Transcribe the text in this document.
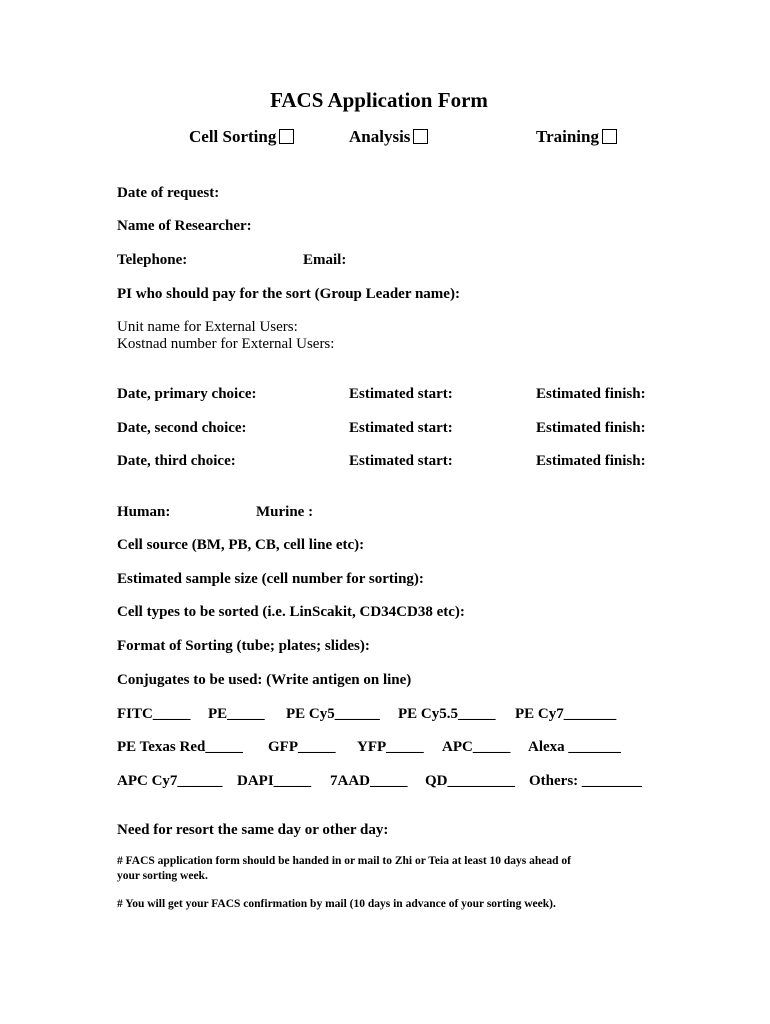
FACS Application Form
Cell Sorting	Analysis	Training
Date of request:
Name of Researcher:
Telephone:	Email:
PI who should pay for the sort (Group Leader name):
Unit name for External Users:
Kostnad number for External Users:
Date, primary choice:	Estimated start:	Estimated finish:
Date, second choice:	Estimated start:	Estimated finish:
Date, third choice:	Estimated start:	Estimated finish:
Human:	Murine :
Cell source (BM, PB, CB, cell line etc):
Estimated sample size (cell number for sorting):
Cell types to be sorted (i.e. LinScakit, CD34CD38 etc):
Format of Sorting (tube; plates; slides):
Conjugates to be used: (Write antigen on line)
FITC_____ PE_____ PE Cy5______ PE Cy5.5_____ PE Cy7_______
PE Texas Red_____ GFP_____ YFP_____ APC_____ Alexa _______
APC Cy7______ DAPI_____ 7AAD_____ QD_________ Others: ________
Need for resort the same day or other day:
# FACS application form should be handed in or mail to Zhi or Teia at least 10 days ahead of
your sorting week.
# You will get your FACS confirmation by mail (10 days in advance of your sorting week).
